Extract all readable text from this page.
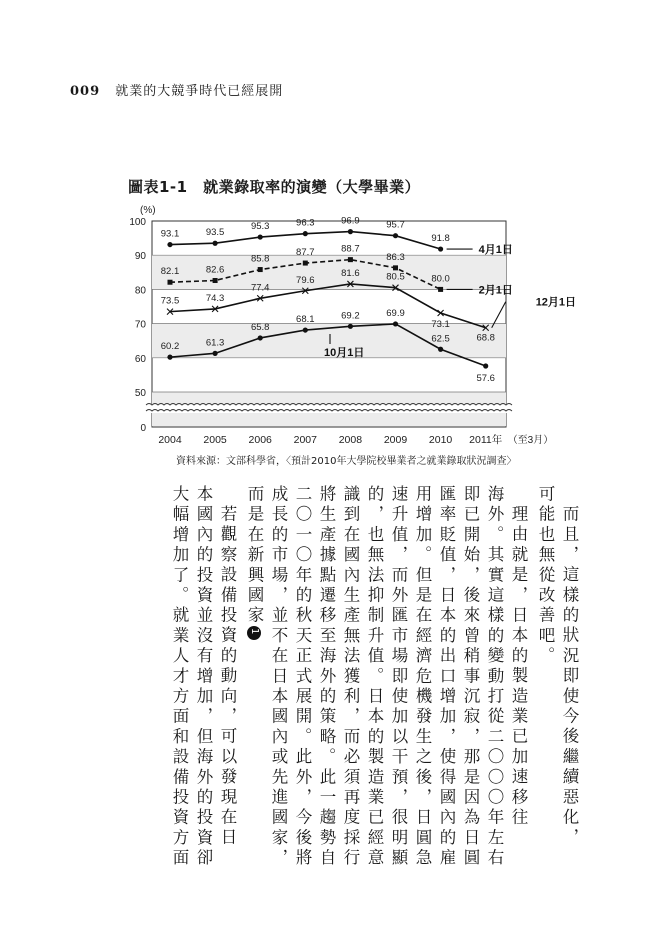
009 就業的大競爭時代已經展開
圖表1-1　就業錄取率的演變（大學畢業）
0
50
60
70
80
90
100
(%)
2004 2005 2006 2007 2008 2009 2010 2011年 （至3月）
93.1	93.5
95.3	96.3	96.9	95.7
91.8
4月1日
82.1	82.6
85.8
87.7	88.7
86.3
80.0
2月1日
73.5	74.3
77.4
79.6
81.6	80.5
73.1
68.8
12月1日
60.2	61.3
65.8
68.1	69.2	69.9
62.5
57.6
10月1日
資料來源：文部科學省，〈預計2010年大學院校畢業者之就業錄取狀況調查〉
而且，這樣的狀況即使今後繼續惡化，
可能也無從改善吧。
理由就是，日本的製造業已加速移往
海外。其實這樣的變動打從二〇〇〇年左右
即已開始，後來曾稍事沉寂，那是因為日圓
匯率貶值，日本的出口增加，使得國內的雇
用增加。但是在經濟危機發生之後，日圓急
速升值，而外匯市場即使加以干預，很明顯
的，也無法抑制升值。日本的製造業已經意
識到在國內生產無法獲利，而必須再度採行
將生產據點遷移至海外的策略。此一趨勢自
二〇一〇年的秋天正式展開。此外，今後將
成長的市場，並不在日本國內或先進國家，
而是在新興國家1
若觀察設備投資的動向，可以發現在日
本國內的投資並沒有增加，但海外的投資卻
大幅增加了。就業人才方面和設備投資方面
